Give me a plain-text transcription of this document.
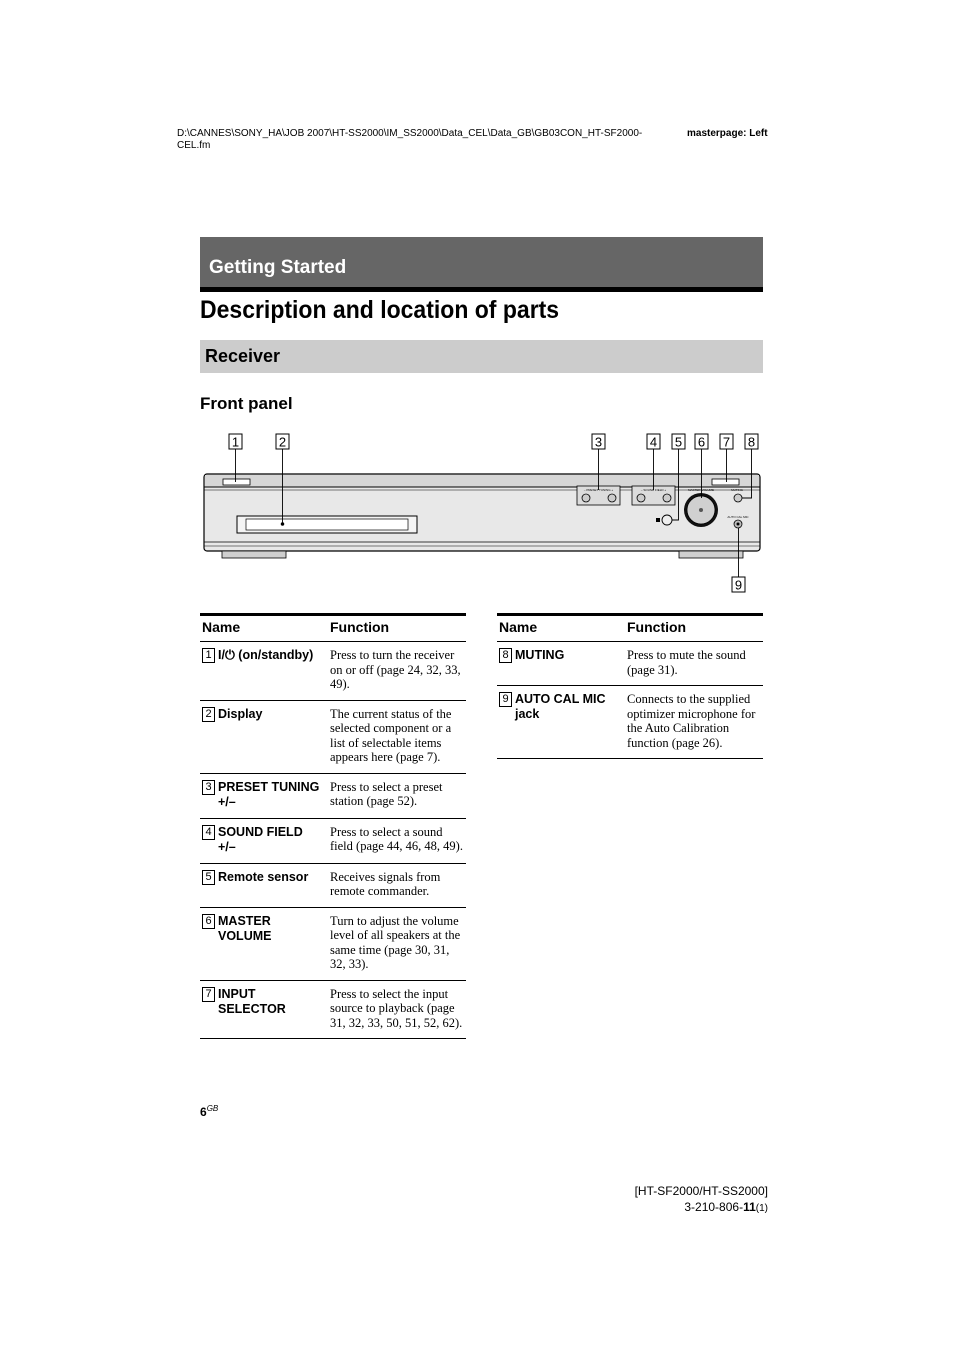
D:\CANNES\SONY_HA\JOB 2007\HT-SS2000\IM_SS2000\Data_CEL\Data_GB\GB03CON_HT-SF2000-CEL.fm
masterpage: Left
Getting Started
Description and location of parts
Receiver
Front panel
1	2	3	4 5 6 7 8
9
– PRESET TUNING +	– SOUND FIELD +	MASTER VOLUME	MUTING
AUTO CAL MIC
Name	Function
1 I/⏻ (on/standby)	Press to turn the receiver on or off (page 24, 32, 33, 49).
2 Display	The current status of the selected component or a list of selectable items appears here (page 7).
3 PRESET TUNING +/–	Press to select a preset station (page 52).
4 SOUND FIELD +/–	Press to select a sound field (page 44, 46, 48, 49).
5 Remote sensor	Receives signals from remote commander.
6 MASTER VOLUME	Turn to adjust the volume level of all speakers at the same time (page 30, 31, 32, 33).
7 INPUT SELECTOR	Press to select the input source to playback (page 31, 32, 33, 50, 51, 52, 62).
Name	Function
8 MUTING	Press to mute the sound (page 31).
9 AUTO CAL MIC jack	Connects to the supplied optimizer microphone for the Auto Calibration function (page 26).
$6^{GB}$
[HT-SF2000/HT-SS2000]
3-210-806-11(1)
